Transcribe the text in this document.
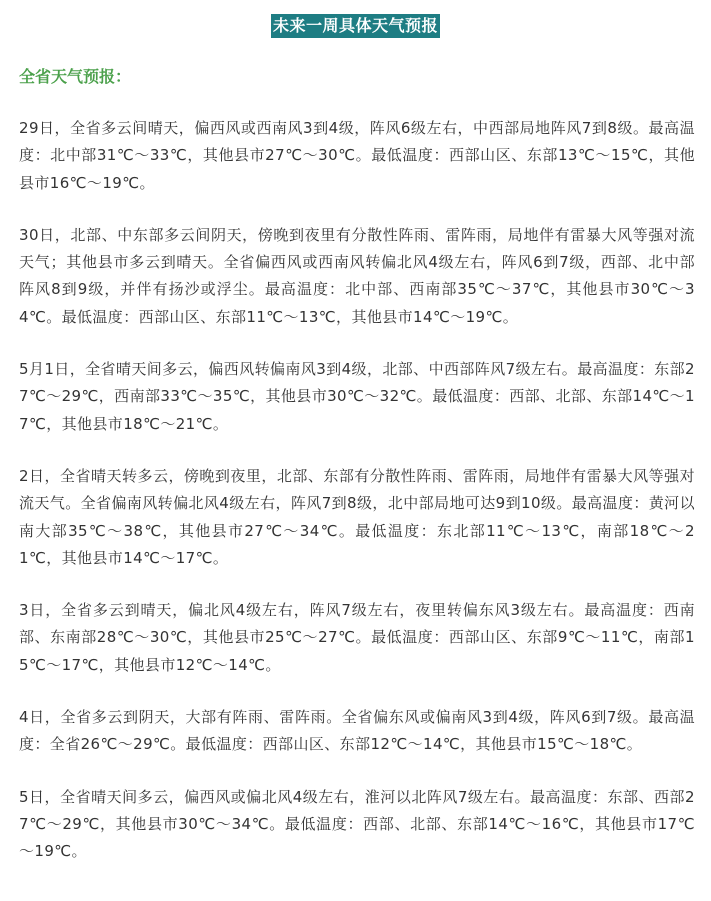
未来一周具体天气预报
全省天气预报：

29日，全省多云间晴天，偏西风或西南风3到4级，阵风6级左右，中西部局地阵风7到8级。最高温度：北中部31℃～33℃，其他县市27℃～30℃。最低温度：西部山区、东部13℃～15℃，其他县市16℃～19℃。

30日，北部、中东部多云间阴天，傍晚到夜里有分散性阵雨、雷阵雨，局地伴有雷暴大风等强对流天气；其他县市多云到晴天。全省偏西风或西南风转偏北风4级左右，阵风6到7级，西部、北中部阵风8到9级，并伴有扬沙或浮尘。最高温度：北中部、西南部35℃～37℃，其他县市30℃～34℃。最低温度：西部山区、东部11℃～13℃，其他县市14℃～19℃。

5月1日，全省晴天间多云，偏西风转偏南风3到4级，北部、中西部阵风7级左右。最高温度：东部27℃～29℃，西南部33℃～35℃，其他县市30℃～32℃。最低温度：西部、北部、东部14℃～17℃，其他县市18℃～21℃。

2日，全省晴天转多云，傍晚到夜里，北部、东部有分散性阵雨、雷阵雨，局地伴有雷暴大风等强对流天气。全省偏南风转偏北风4级左右，阵风7到8级，北中部局地可达9到10级。最高温度：黄河以南大部35℃～38℃，其他县市27℃～34℃。最低温度：东北部11℃～13℃，南部18℃～21℃，其他县市14℃～17℃。

3日，全省多云到晴天，偏北风4级左右，阵风7级左右，夜里转偏东风3级左右。最高温度：西南部、东南部28℃～30℃，其他县市25℃～27℃。最低温度：西部山区、东部9℃～11℃，南部15℃～17℃，其他县市12℃～14℃。

4日，全省多云到阴天，大部有阵雨、雷阵雨。全省偏东风或偏南风3到4级，阵风6到7级。最高温度：全省26℃～29℃。最低温度：西部山区、东部12℃～14℃，其他县市15℃～18℃。

5日，全省晴天间多云，偏西风或偏北风4级左右，淮河以北阵风7级左右。最高温度：东部、西部27℃～29℃，其他县市30℃～34℃。最低温度：西部、北部、东部14℃～16℃，其他县市17℃～19℃。
